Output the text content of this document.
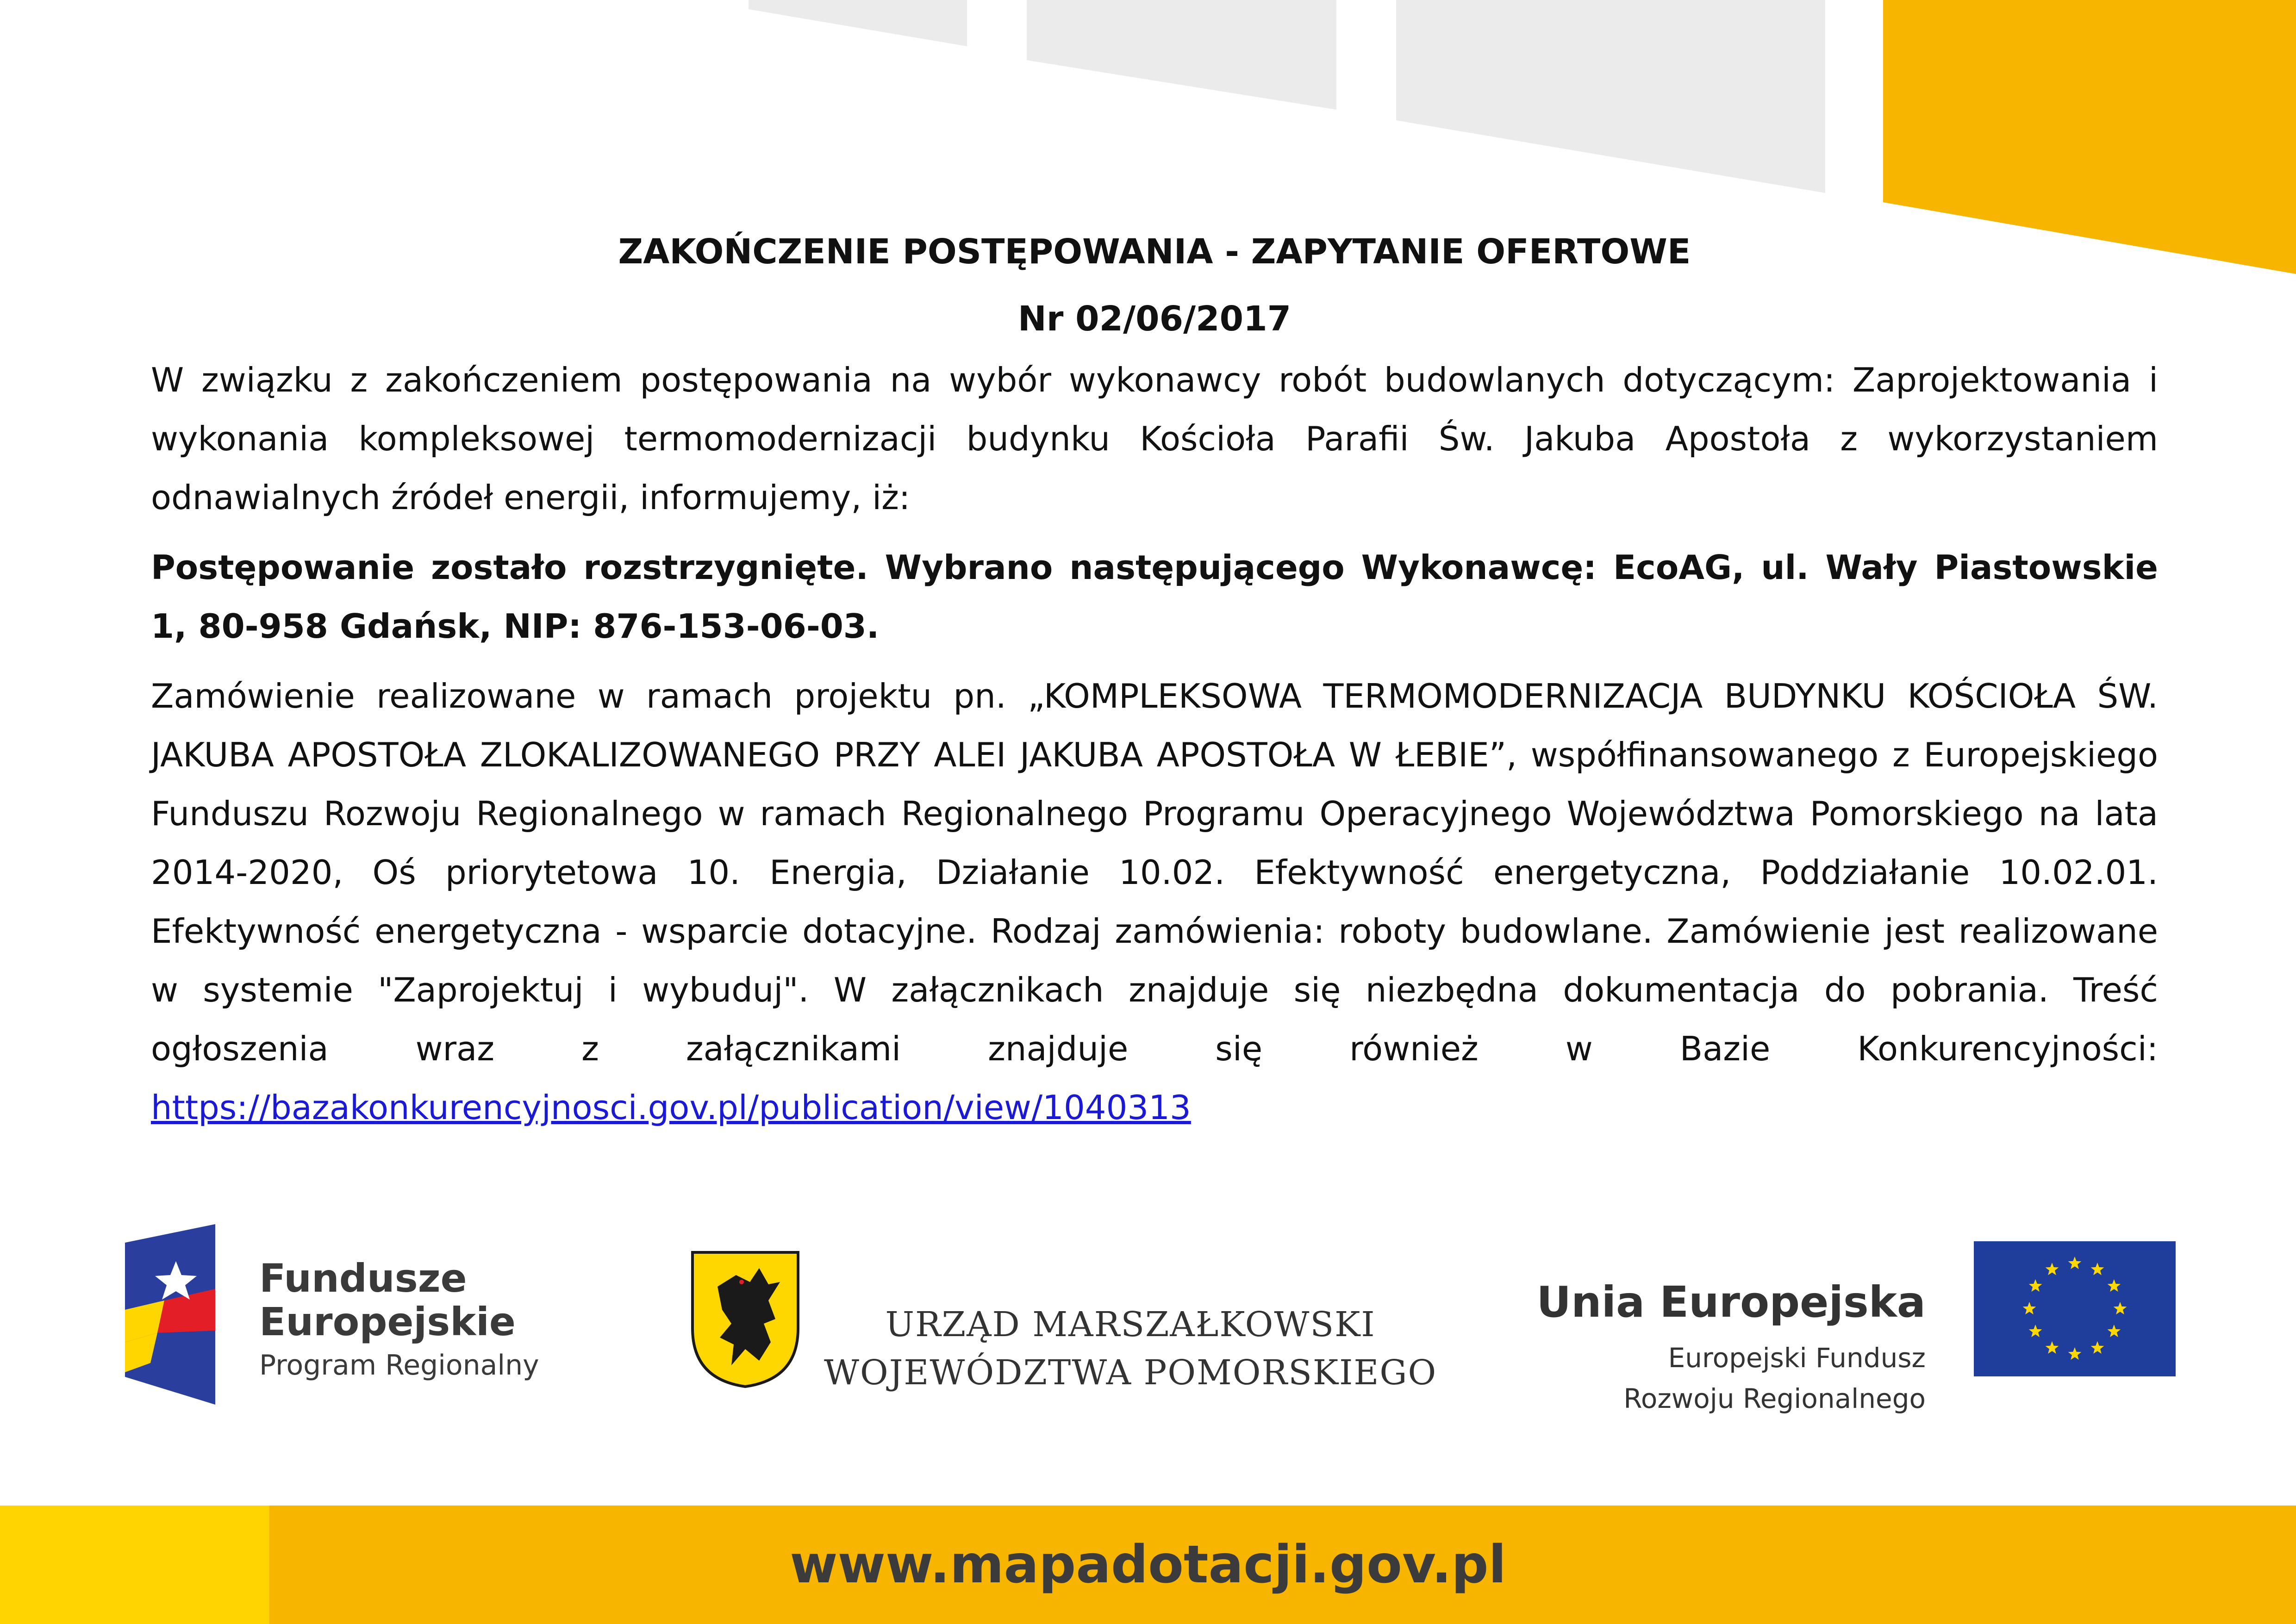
ZAKOŃCZENIE POSTĘPOWANIA - ZAPYTANIE OFERTOWE
Nr 02/06/2017

W związku z zakończeniem postępowania na wybór wykonawcy robót budowlanych dotyczącym: Zaprojektowania i wykonania kompleksowej termomodernizacji budynku Kościoła Parafii Św. Jakuba Apostoła z wykorzystaniem odnawialnych źródeł energii, informujemy, iż:

Postępowanie zostało rozstrzygnięte. Wybrano następującego Wykonawcę: EcoAG, ul. Wały Piastowskie 1, 80-958 Gdańsk, NIP: 876-153-06-03.

Zamówienie realizowane w ramach projektu pn. „KOMPLEKSOWA TERMOMODERNIZACJA BUDYNKU KOŚCIOŁA ŚW. JAKUBA APOSTOŁA ZLOKALIZOWANEGO PRZY ALEI JAKUBA APOSTOŁA W ŁEBIE”, współfinansowanego z Europejskiego Funduszu Rozwoju Regionalnego w ramach Regionalnego Programu Operacyjnego Województwa Pomorskiego na lata 2014-2020, Oś priorytetowa 10. Energia, Działanie 10.02. Efektywność energetyczna, Poddziałanie 10.02.01. Efektywność energetyczna - wsparcie dotacyjne. Rodzaj zamówienia: roboty budowlane. Zamówienie jest realizowane w systemie "Zaprojektuj i wybuduj". W załącznikach znajduje się niezbędna dokumentacja do pobrania. Treść ogłoszenia wraz z załącznikami znajduje się również w Bazie Konkurencyjności: https://bazakonkurencyjnosci.gov.pl/publication/view/1040313

Fundusze
Europejskie
Program Regionalny
URZĄD MARSZAŁKOWSKI
WOJEWÓDZTWA POMORSKIEGO
Unia Europejska
Europejski Fundusz
Rozwoju Regionalnego
www.mapadotacji.gov.pl
